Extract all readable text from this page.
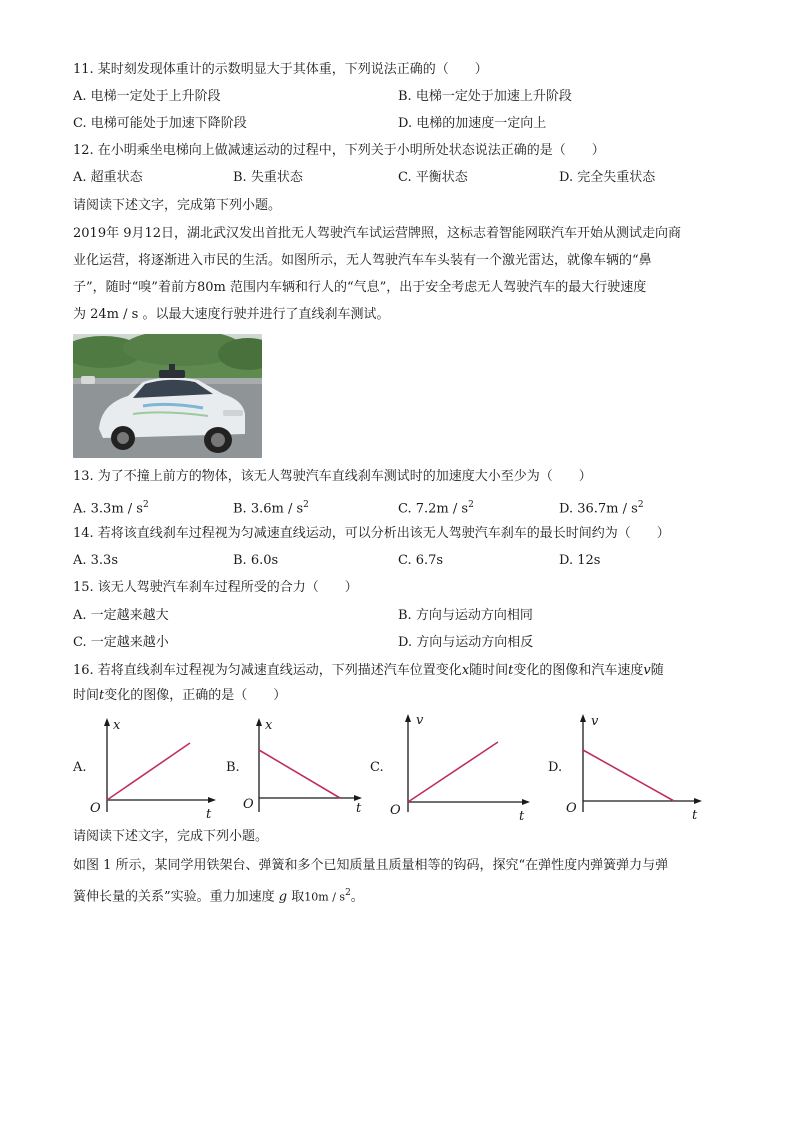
11. 某时刻发现体重计的示数明显大于其体重，下列说法正确的（　　）
A. 电梯一定处于上升阶段	B. 电梯一定处于加速上升阶段
C. 电梯可能处于加速下降阶段	D. 电梯的加速度一定向上
12. 在小明乘坐电梯向上做减速运动的过程中，下列关于小明所处状态说法正确的是（　　）
A. 超重状态	B. 失重状态	C. 平衡状态	D. 完全失重状态
请阅读下述文字，完成第下列小题。
2019年 9月12日，湖北武汉发出首批无人驾驶汽车试运营牌照，这标志着智能网联汽车开始从测试走向商
业化运营，将逐渐进入市民的生活。如图所示，无人驾驶汽车车头装有一个激光雷达，就像车辆的“鼻
子”，随时“嗅”着前方80m 范围内车辆和行人的“气息”，出于安全考虑无人驾驶汽车的最大行驶速度
为 24m / s 。以最大速度行驶并进行了直线刹车测试。
13. 为了不撞上前方的物体，该无人驾驶汽车直线刹车测试时的加速度大小至少为（　　）
A. $3.3m / s^2$	B. $3.6m / s^2$	C. $7.2m / s^2$	D. $36.7m / s^2$
14. 若将该直线刹车过程视为匀减速直线运动，可以分析出该无人驾驶汽车刹车的最长时间约为（　　）
A. 3.3s	B. 6.0s	C. 6.7s	D. 12s
15. 该无人驾驶汽车刹车过程所受的合力（　　）
A. 一定越来越大	B. 方向与运动方向相同
C. 一定越来越小	D. 方向与运动方向相反
16. 若将直线刹车过程视为匀减速直线运动，下列描述汽车位置变化x随时间t变化的图像和汽车速度v随
时间t变化的图像，正确的是（　　）
A.
x
O	t
B.
x
O	t
C.
v
O	t
D.
v
O	t
请阅读下述文字，完成下列小题。
如图 1 所示，某同学用铁架台、弹簧和多个已知质量且质量相等的钩码，探究“在弹性度内弹簧弹力与弹
簧伸长量的关系”实验。重力加速度 g 取$10m / s^2$。
